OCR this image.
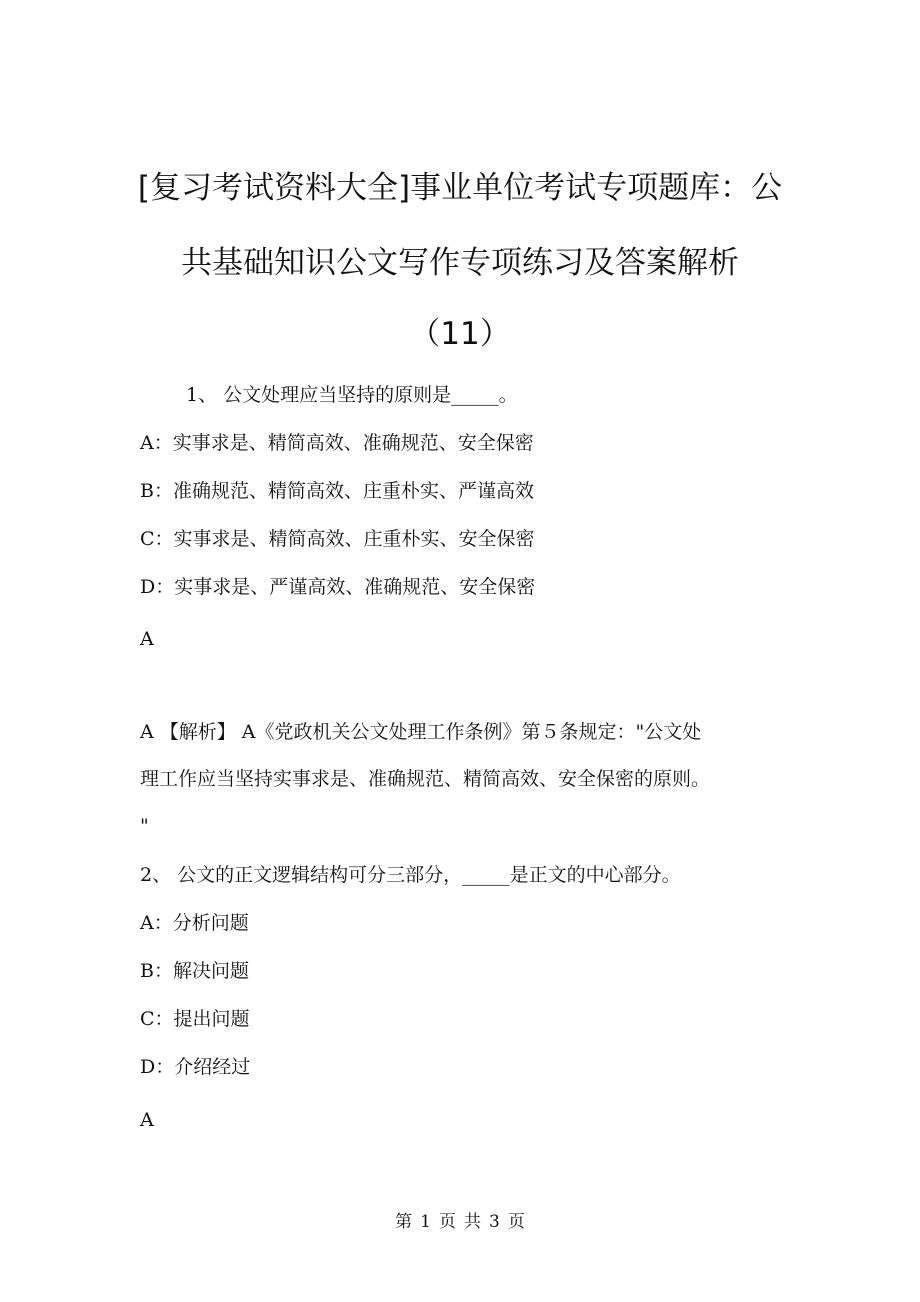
[复习考试资料大全]事业单位考试专项题库：公
共基础知识公文写作专项练习及答案解析
（11）
1、 公文处理应当坚持的原则是_____。
A：实事求是、精简高效、准确规范、安全保密
B：准确规范、精简高效、庄重朴实、严谨高效
C：实事求是、精简高效、庄重朴实、安全保密
D：实事求是、严谨高效、准确规范、安全保密
A
A 【解析】 A《党政机关公文处理工作条例》第５条规定："公文处
理工作应当坚持实事求是、准确规范、精简高效、安全保密的原则。
"
2、 公文的正文逻辑结构可分三部分，_____是正文的中心部分。
A：分析问题
B：解决问题
C：提出问题
D：介绍经过
A
第 1 页 共 3 页
